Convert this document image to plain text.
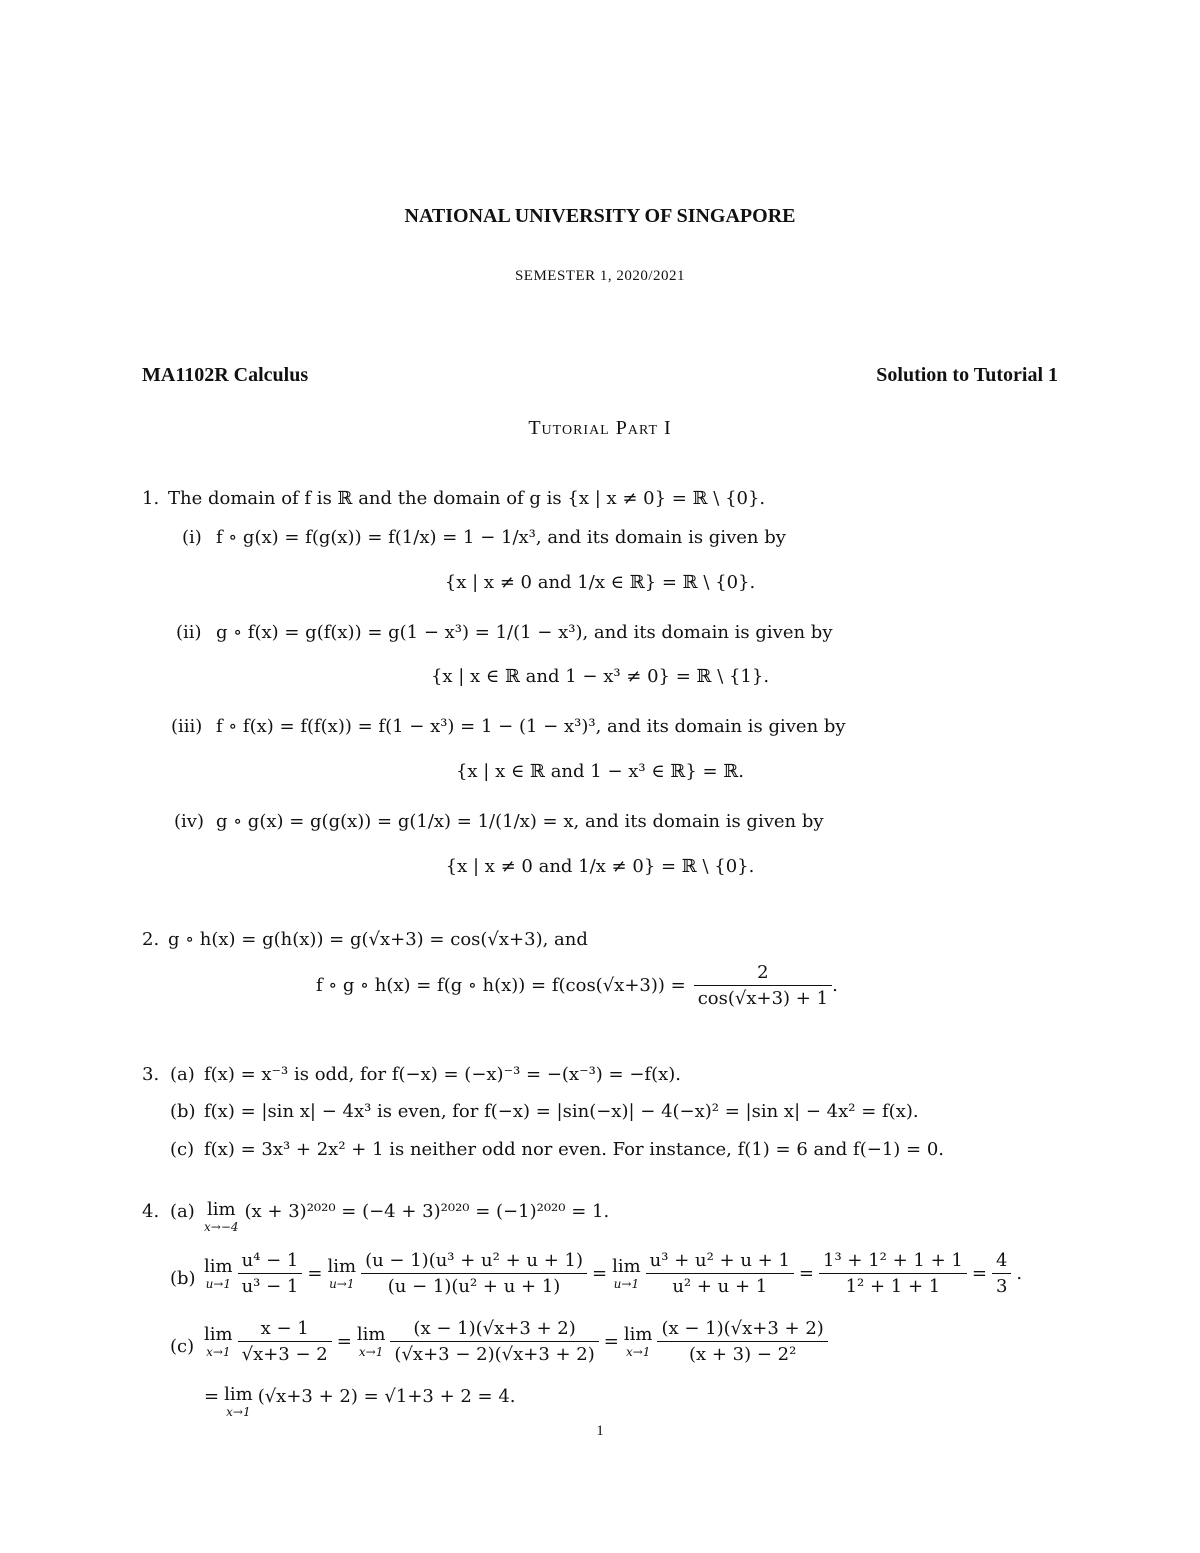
NATIONAL UNIVERSITY OF SINGAPORE
SEMESTER 1, 2020/2021
MA1102R Calculus	Solution to Tutorial 1
Tutorial Part I
1. The domain of f is ℝ and the domain of g is {x | x ≠ 0} = ℝ \ {0}.
(i) f ∘ g(x) = f(g(x)) = f(1/x) = 1 − 1/x³, and its domain is given by
{x | x ≠ 0 and 1/x ∈ ℝ} = ℝ \ {0}.
(ii) g ∘ f(x) = g(f(x)) = g(1 − x³) = 1/(1 − x³), and its domain is given by
{x | x ∈ ℝ and 1 − x³ ≠ 0} = ℝ \ {1}.
(iii) f ∘ f(x) = f(f(x)) = f(1 − x³) = 1 − (1 − x³)³, and its domain is given by
{x | x ∈ ℝ and 1 − x³ ∈ ℝ} = ℝ.
(iv) g ∘ g(x) = g(g(x)) = g(1/x) = 1/(1/x) = x, and its domain is given by
{x | x ≠ 0 and 1/x ≠ 0} = ℝ \ {0}.
2. g ∘ h(x) = g(h(x)) = g(√x+3) = cos(√x+3), and
f ∘ g ∘ h(x) = f(g ∘ $h(x)) = f(\cos(√x+3)) = \frac{2}{\cos(√x+3) + 1}$ .
3. (a) f(x) = x⁻³ is odd, for f(−x) = (−x)⁻³ = −(x⁻³) = −f(x).
(b) f(x) = |sin x| − 4x³ is even, for f(−x) = |sin(−x)| − 4(−x)² = |sin x| − 4x² = f(x).
(c) f(x) = 3x³ + 2x² + 1 is neither odd nor even. For instance, f(1) = 6 and f(−1) = 0.
4. (a) lim
x→−4
(x + 3)²⁰²⁰ = (−4 + 3)²⁰²⁰ = (−1)²⁰²⁰ = 1.
(b)
lim
$u\to 1 \frac{\text{u⁴ − 1}}{\text{u³ − 1}} = \lim$
$u\to 1 \frac{\text{(u − 1)(u³ + u² + u + 1)}}{\text{(u − 1)(u² + u + 1)}} = \lim$
$u\to 1 \frac{\text{u³ + u² + u + 1}}{\text{u² + u + 1}} = \frac{\text{1³ + 1² + 1 + 1}}{\text{1² + 1 + 1}} = \frac{4}{3}$ .
(c)
lim
$x\to 1 \frac{x - 1}{√x+3 - 2} = \lim$
$x\to 1 \frac{(x - 1)(√x+3 + 2)}{(√x+3 - 2)(√x+3 + 2)} = \lim$
$x\to 1 \frac{(x - 1)(√x+3 + 2)}{\text{(x + 3) − 2²}}$
= lim
x→1
(√x+3 + 2) = √1+3 + 2 = 4.
1
